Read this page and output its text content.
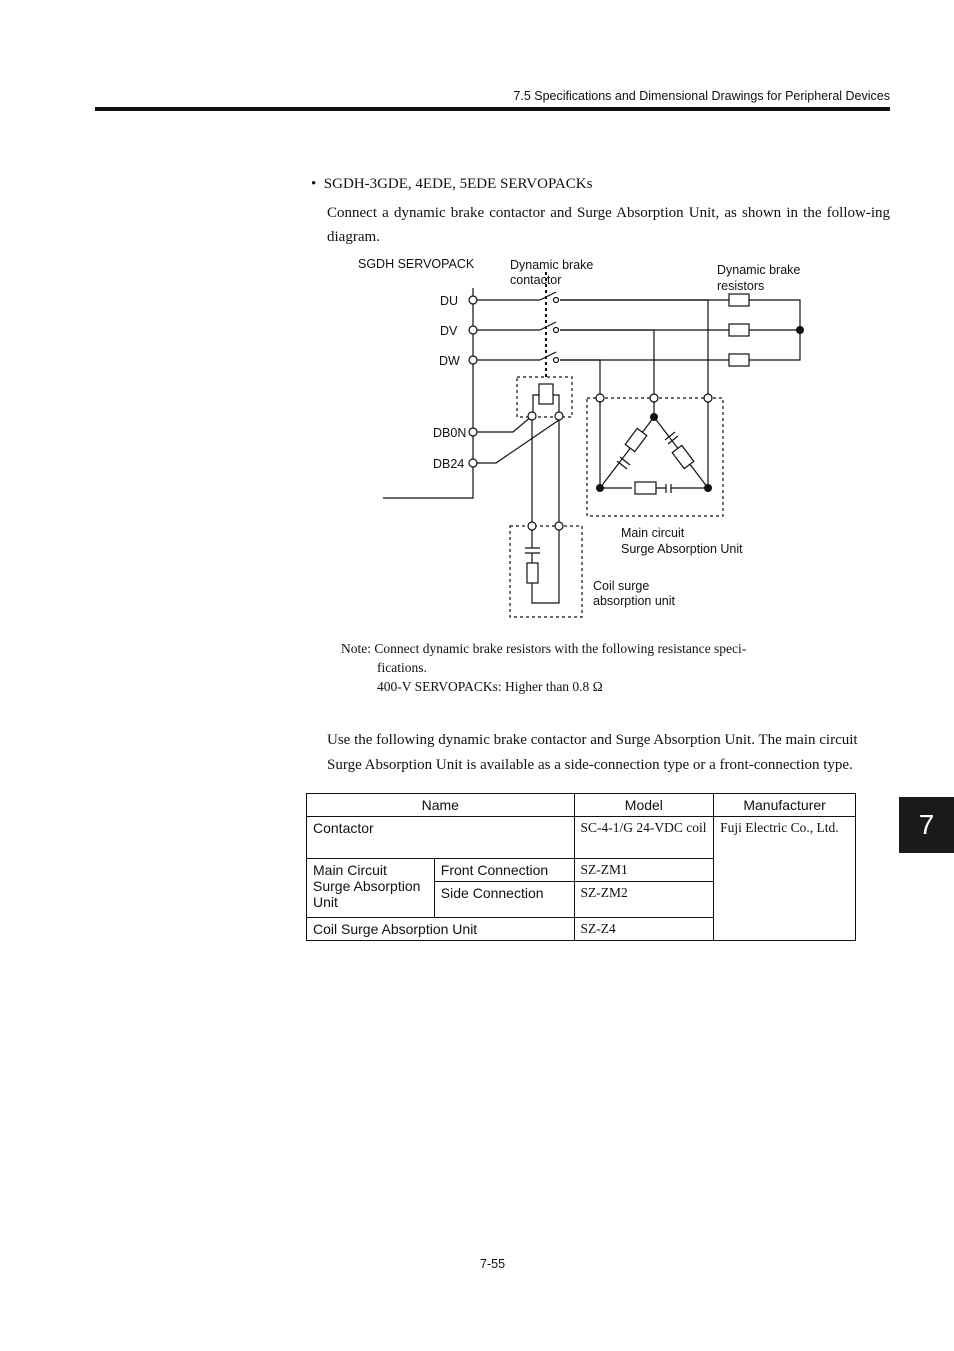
7.5 Specifications and Dimensional Drawings for Peripheral Devices
• SGDH-3GDE, 4EDE, 5EDE SERVOPACKs
Connect a dynamic brake contactor and Surge Absorption Unit, as shown in the follow-ing diagram.
SGDH SERVOPACK	Dynamic brake
contactor
Dynamic brake
resistors
DU
DV
DW
DB0N
DB24
Main circuit
Surge Absorption Unit
Coil surge
absorption unit
Note: Connect dynamic brake resistors with the following resistance speci-
fications.
400-V SERVOPACKs: Higher than 0.8 Ω
Use the following dynamic brake contactor and Surge Absorption Unit. The main circuit Surge Absorption Unit is available as a side-connection type or a front-connection type.
Name		Model	Manufacturer
Contactor		SC-4-1/G 24-VDC coil	Fuji Electric Co., Ltd.
Main Circuit Surge Absorption Unit	Front Connection	SZ-ZM1	
	Side Connection	SZ-ZM2	
Coil Surge Absorption Unit		SZ-Z4	
7
7-55
